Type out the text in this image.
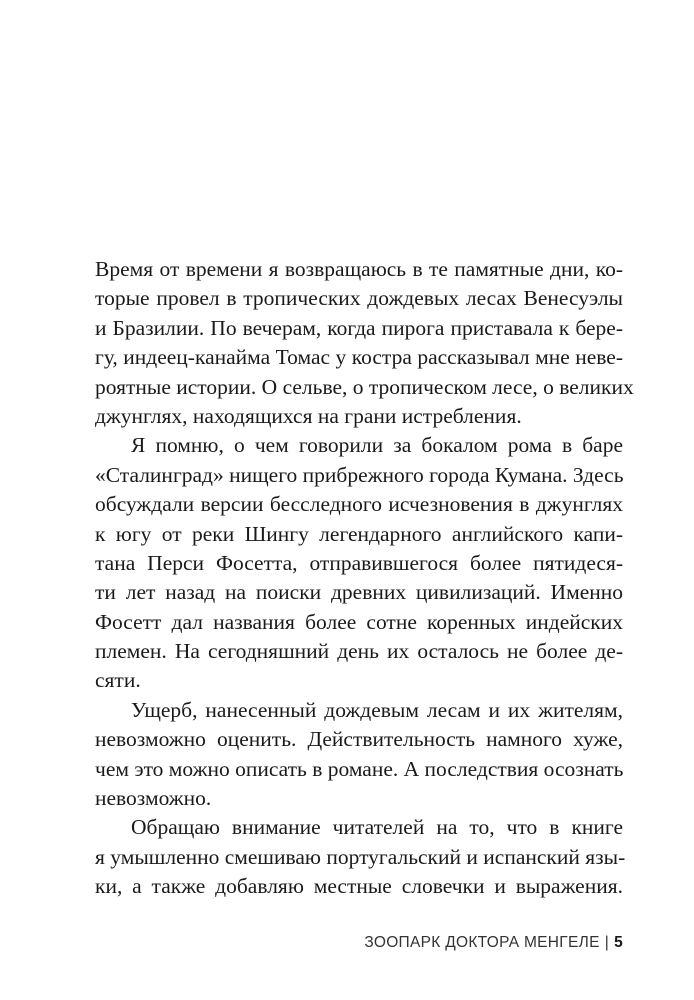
Время от времени я возвращаюсь в те памятные дни, ко-
торые провел в тропических дождевых лесах Венесуэлы
и Бразилии. По вечерам, когда пирога приставала к бере-
гу, индеец-канайма Томас у костра рассказывал мне неве-
роятные истории. О сельве, о тропическом лесе, о великих
джунглях, находящихся на грани истребления.
Я помню, о чем говорили за бокалом рома в баре
«Сталинград» нищего прибрежного города Кумана. Здесь
обсуждали версии бесследного исчезновения в джунглях
к югу от реки Шингу легендарного английского капи-
тана Перси Фосетта, отправившегося более пятидеся-
ти лет назад на поиски древних цивилизаций. Именно
Фосетт дал названия более сотне коренных индейских
племен. На сегодняшний день их осталось не более де-
сяти.
Ущерб, нанесенный дождевым лесам и их жителям,
невозможно оценить. Действительность намного хуже,
чем это можно описать в романе. А последствия осознать
невозможно.
Обращаю внимание читателей на то, что в книге
я умышленно смешиваю португальский и испанский язы-
ки, а также добавляю местные словечки и выражения.
ЗООПАРК ДОКТОРА МЕНГЕЛЕ | 5
